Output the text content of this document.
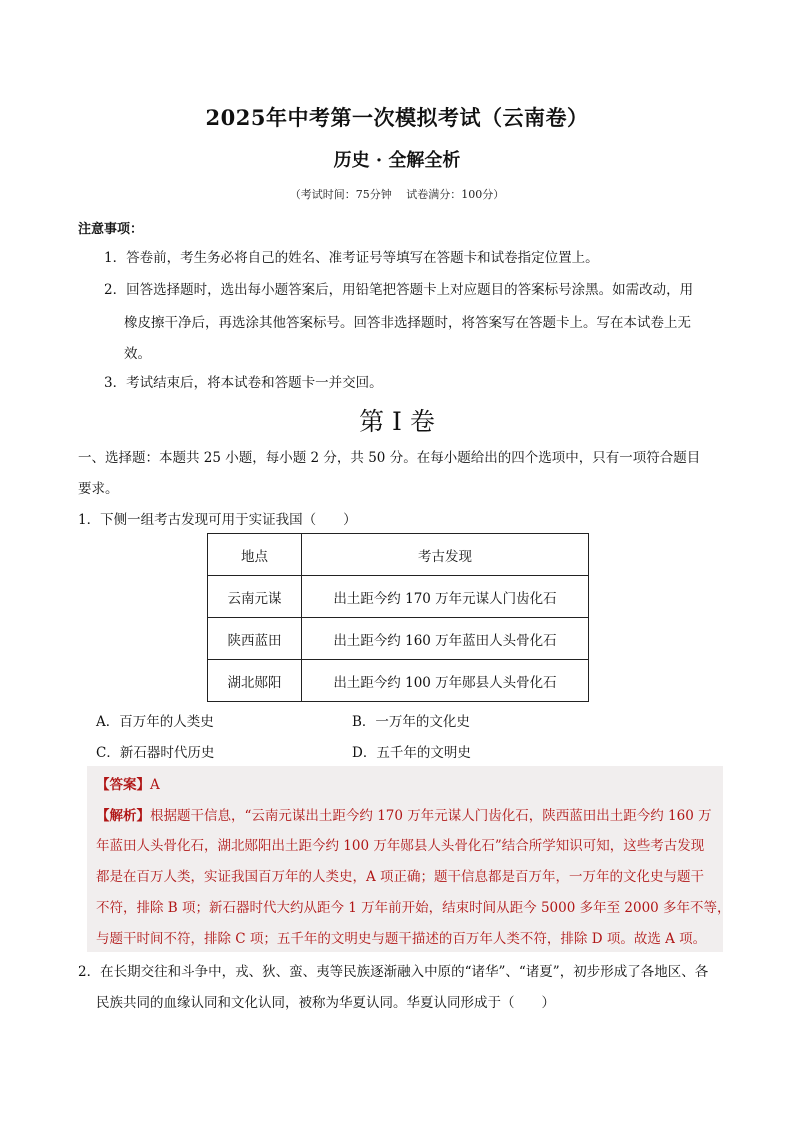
2025年中考第一次模拟考试（云南卷）
历史 · 全解全析
（考试时间：75分钟　 试卷满分：100分）
注意事项：
1．答卷前，考生务必将自己的姓名、准考证号等填写在答题卡和试卷指定位置上。
2．回答选择题时，选出每小题答案后，用铅笔把答题卡上对应题目的答案标号涂黑。如需改动，用
橡皮擦干净后，再选涂其他答案标号。回答非选择题时，将答案写在答题卡上。写在本试卷上无
效。
3．考试结束后，将本试卷和答题卡一并交回。
第 I 卷
一、选择题：本题共 25 小题，每小题 2 分，共 50 分。在每小题给出的四个选项中，只有一项符合题目
要求。
1．下侧一组考古发现可用于实证我国（　　）
地点	考古发现
云南元谋	出土距今约 170 万年元谋人门齿化石
陕西蓝田	出土距今约 160 万年蓝田人头骨化石
湖北郧阳	出土距今约 100 万年郧县人头骨化石
A．百万年的人类史	B．一万年的文化史
C．新石器时代历史	D．五千年的文明史
【答案】A
【解析】根据题干信息，“云南元谋出土距今约 170 万年元谋人门齿化石，陕西蓝田出土距今约 160 万
年蓝田人头骨化石，湖北郧阳出土距今约 100 万年郧县人头骨化石”结合所学知识可知，这些考古发现
都是在百万人类，实证我国百万年的人类史，A 项正确；题干信息都是百万年，一万年的文化史与题干
不符，排除 B 项；新石器时代大约从距今 1 万年前开始，结束时间从距今 5000 多年至 2000 多年不等，
与题干时间不符，排除 C 项；五千年的文明史与题干描述的百万年人类不符，排除 D 项。故选 A 项。
2．在长期交往和斗争中，戎、狄、蛮、夷等民族逐渐融入中原的“诸华”、“诸夏”，初步形成了各地区、各
民族共同的血缘认同和文化认同，被称为华夏认同。华夏认同形成于（　　）
